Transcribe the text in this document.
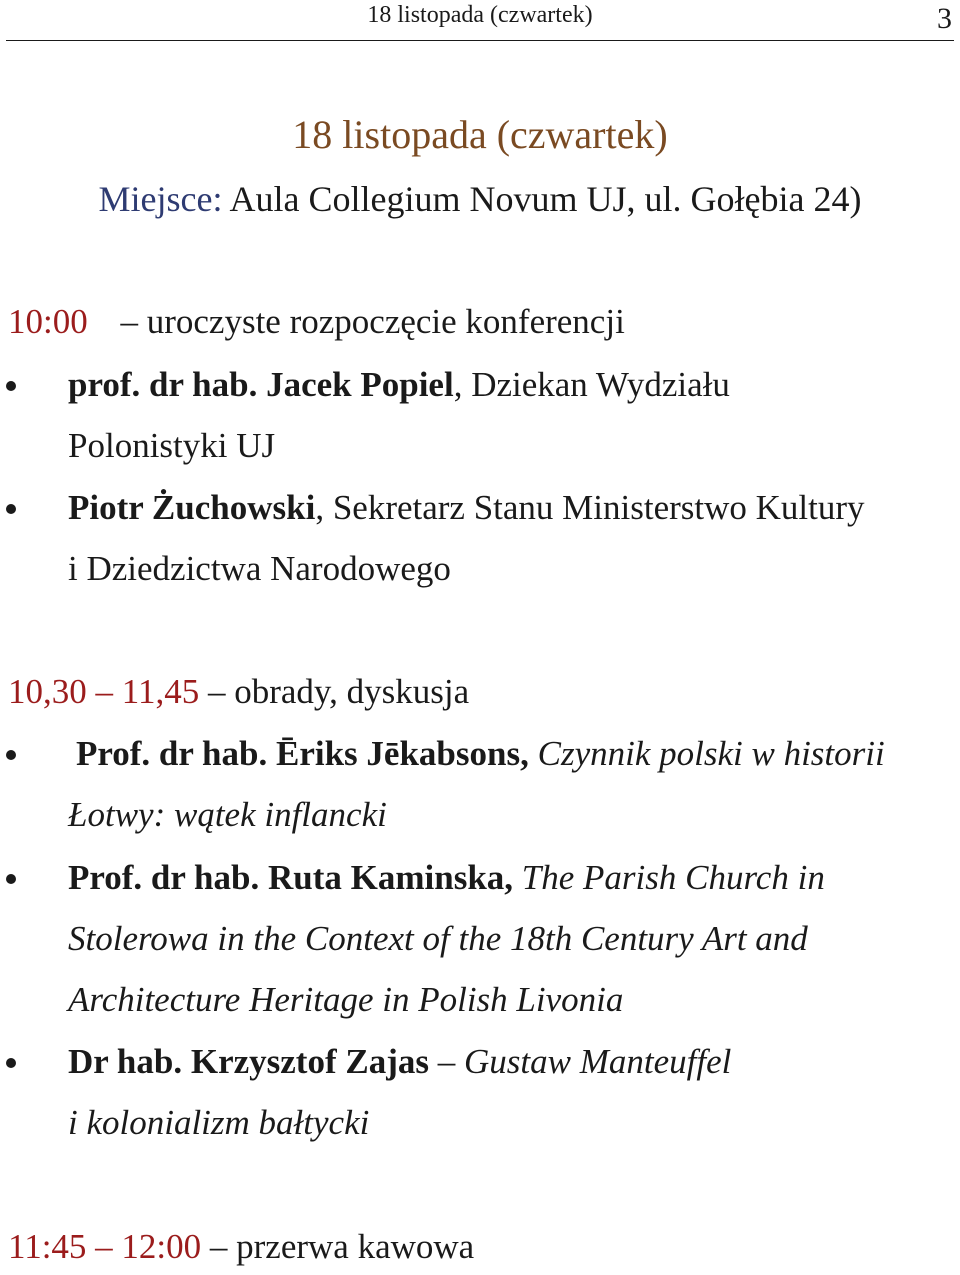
18 listopada (czwartek)	3
18 listopada (czwartek)
Miejsce: Aula Collegium Novum UJ, ul. Gołębia 24)
10:00 – uroczyste rozpoczęcie konferencji
prof. dr hab. Jacek Popiel, Dziekan Wydziału
Polonistyki UJ
Piotr Żuchowski, Sekretarz Stanu Ministerstwo Kultury
i Dziedzictwa Narodowego
10,30 – 11,45 – obrady, dyskusja
Prof. dr hab. Ēriks Jēkabsons, Czynnik polski w historii
Łotwy: wątek inflancki
Prof. dr hab. Ruta Kaminska, The Parish Church in
Stolerowa in the Context of the 18th Century Art and
Architecture Heritage in Polish Livonia
Dr hab. Krzysztof Zajas – Gustaw Manteuffel
i kolonializm bałtycki
11:45 – 12:00 – przerwa kawowa
